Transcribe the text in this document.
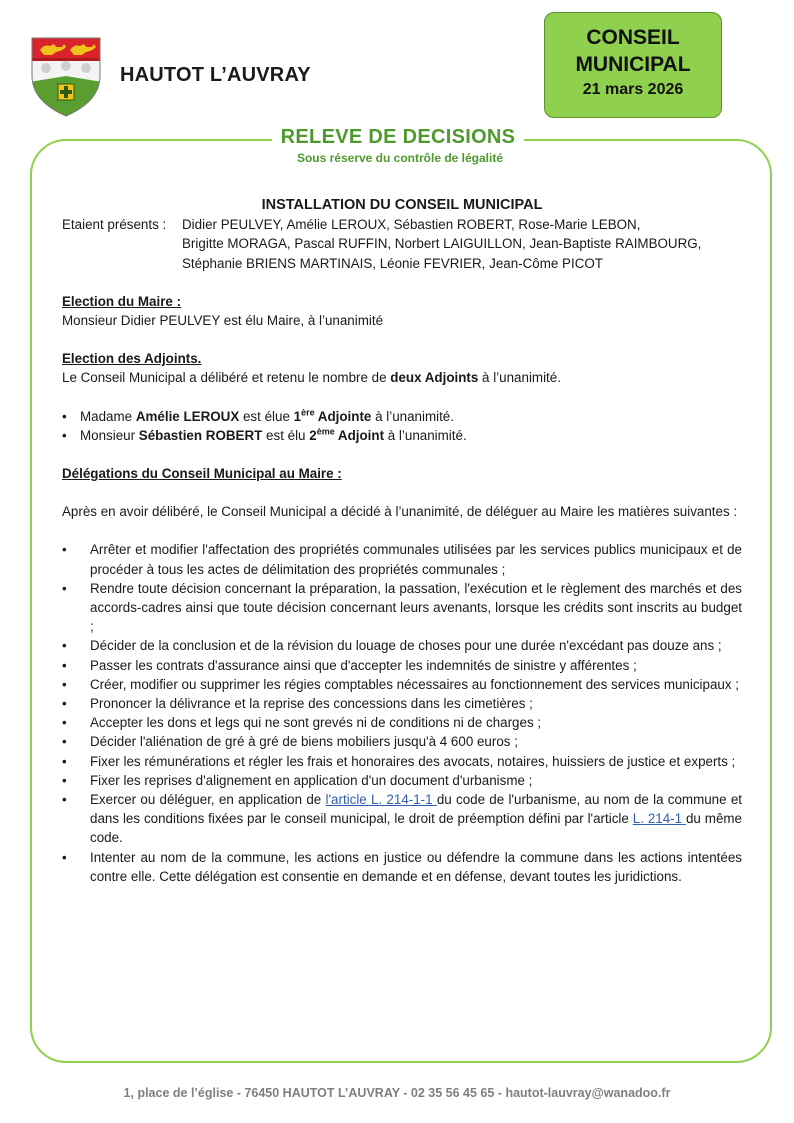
HAUTOT L’AUVRAY
CONSEIL
MUNICIPAL
21 mars 2026
RELEVE DE DECISIONS
Sous réserve du contrôle de légalité

INSTALLATION DU CONSEIL MUNICIPAL

Etaient présents :	Didier PEULVEY, Amélie LEROUX, Sébastien ROBERT, Rose-Marie LEBON,
Brigitte MORAGA, Pascal RUFFIN, Norbert LAIGUILLON, Jean-Baptiste RAIMBOURG,
Stéphanie BRIENS MARTINAIS, Léonie FEVRIER, Jean-Côme PICOT

Election du Maire :

Monsieur Didier PEULVEY est élu Maire, à l’unanimité

Election des Adjoints.

Le Conseil Municipal a délibéré et retenu le nombre de deux Adjoints à l’unanimité.

• Madame Amélie LEROUX est élue 1ère Adjointe à l’unanimité.
• Monsieur Sébastien ROBERT est élu 2ème Adjoint à l’unanimité.

Délégations du Conseil Municipal au Maire :

Après en avoir délibéré, le Conseil Municipal a décidé à l’unanimité, de déléguer au Maire les matières suivantes :

• Arrêter et modifier l'affectation des propriétés communales utilisées par les services publics municipaux et de procéder à tous les actes de délimitation des propriétés communales ;
• Rendre toute décision concernant la préparation, la passation, l'exécution et le règlement des marchés et des accords-cadres ainsi que toute décision concernant leurs avenants, lorsque les crédits sont inscrits au budget ;
• Décider de la conclusion et de la révision du louage de choses pour une durée n'excédant pas douze ans ;
• Passer les contrats d'assurance ainsi que d'accepter les indemnités de sinistre y afférentes ;
• Créer, modifier ou supprimer les régies comptables nécessaires au fonctionnement des services municipaux ;
• Prononcer la délivrance et la reprise des concessions dans les cimetières ;
• Accepter les dons et legs qui ne sont grevés ni de conditions ni de charges ;
• Décider l'aliénation de gré à gré de biens mobiliers jusqu'à 4 600 euros ;
• Fixer les rémunérations et régler les frais et honoraires des avocats, notaires, huissiers de justice et experts ;
• Fixer les reprises d'alignement en application d'un document d'urbanisme ;
• Exercer ou déléguer, en application de l'article L. 214-1-1 du code de l'urbanisme, au nom de la commune et dans les conditions fixées par le conseil municipal, le droit de préemption défini par l'article L. 214-1 du même code.
• Intenter au nom de la commune, les actions en justice ou défendre la commune dans les actions intentées contre elle. Cette délégation est consentie en demande et en défense, devant toutes les juridictions.
1, place de l’église - 76450 HAUTOT L’AUVRAY - 02 35 56 45 65 - hautot-lauvray@wanadoo.fr
